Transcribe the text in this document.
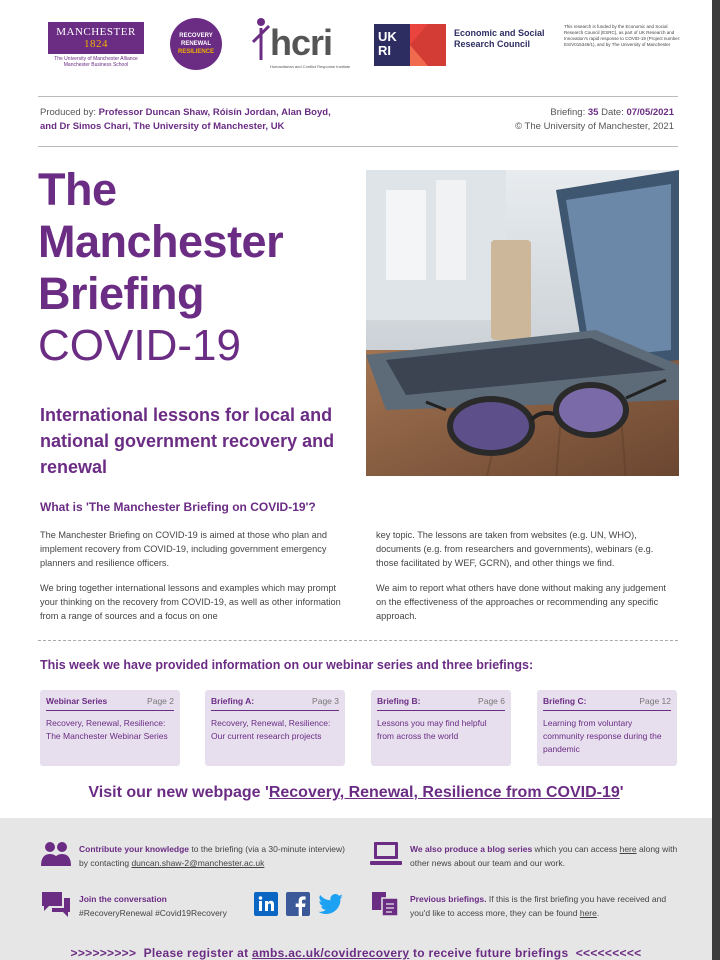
MANCHESTER
1824
The University of Manchester Alliance Manchester Business School
RECOVERY
RENEWAL
RESILIENCE hcri
Humanitarian and Conflict Response Institute
UK RI
Economic and Social Research Council
This research is funded by the Economic and Social Research Council (ESRC), as part of UK Research and Innovation's rapid response to COVID-19 (Project number: ES/V015346/1), and by The University of Manchester
Produced by: Professor Duncan Shaw, Róisín Jordan, Alan Boyd,
and Dr Simos Chari, The University of Manchester, UK
Briefing: 35 Date: 07/05/2021
© The University of Manchester, 2021
The
Manchester
Briefing
COVID-19
International lessons for local and national government recovery and renewal
What is 'The Manchester Briefing on COVID-19'?

The Manchester Briefing on COVID-19 is aimed at those who plan and implement recovery from COVID-19, including government emergency planners and resilience officers.

We bring together international lessons and examples which may prompt your thinking on the recovery from COVID-19, as well as other information from a range of sources and a focus on one

key topic. The lessons are taken from websites (e.g. UN, WHO), documents (e.g. from researchers and governments), webinars (e.g. those facilitated by WEF, GCRN), and other things we find.

We aim to report what others have done without making any judgement on the effectiveness of the approaches or recommending any specific approach.

This week we have provided information on our webinar series and three briefings:
Webinar Series	Page 2
Recovery, Renewal, Resilience: The Manchester Webinar Series
Briefing A:	Page 3
Recovery, Renewal, Resilience: Our current research projects
Briefing B:	Page 6
Lessons you may find helpful from across the world
Briefing C:	Page 12
Learning from voluntary community response during the pandemic
Visit our new webpage 'Recovery, Renewal, Resilience from COVID-19'
Contribute your knowledge to the briefing (via a 30-minute interview) by contacting duncan.shaw-2@manchester.ac.uk
We also produce a blog series which you can access here along with other news about our team and our work.
Join the conversation
#RecoveryRenewal #Covid19Recovery
Previous briefings. If this is the first briefing you have received and you'd like to access more, they can be found here.
>>>>>>>>> Please register at ambs.ac.uk/covidrecovery to receive future briefings <<<<<<<<<
